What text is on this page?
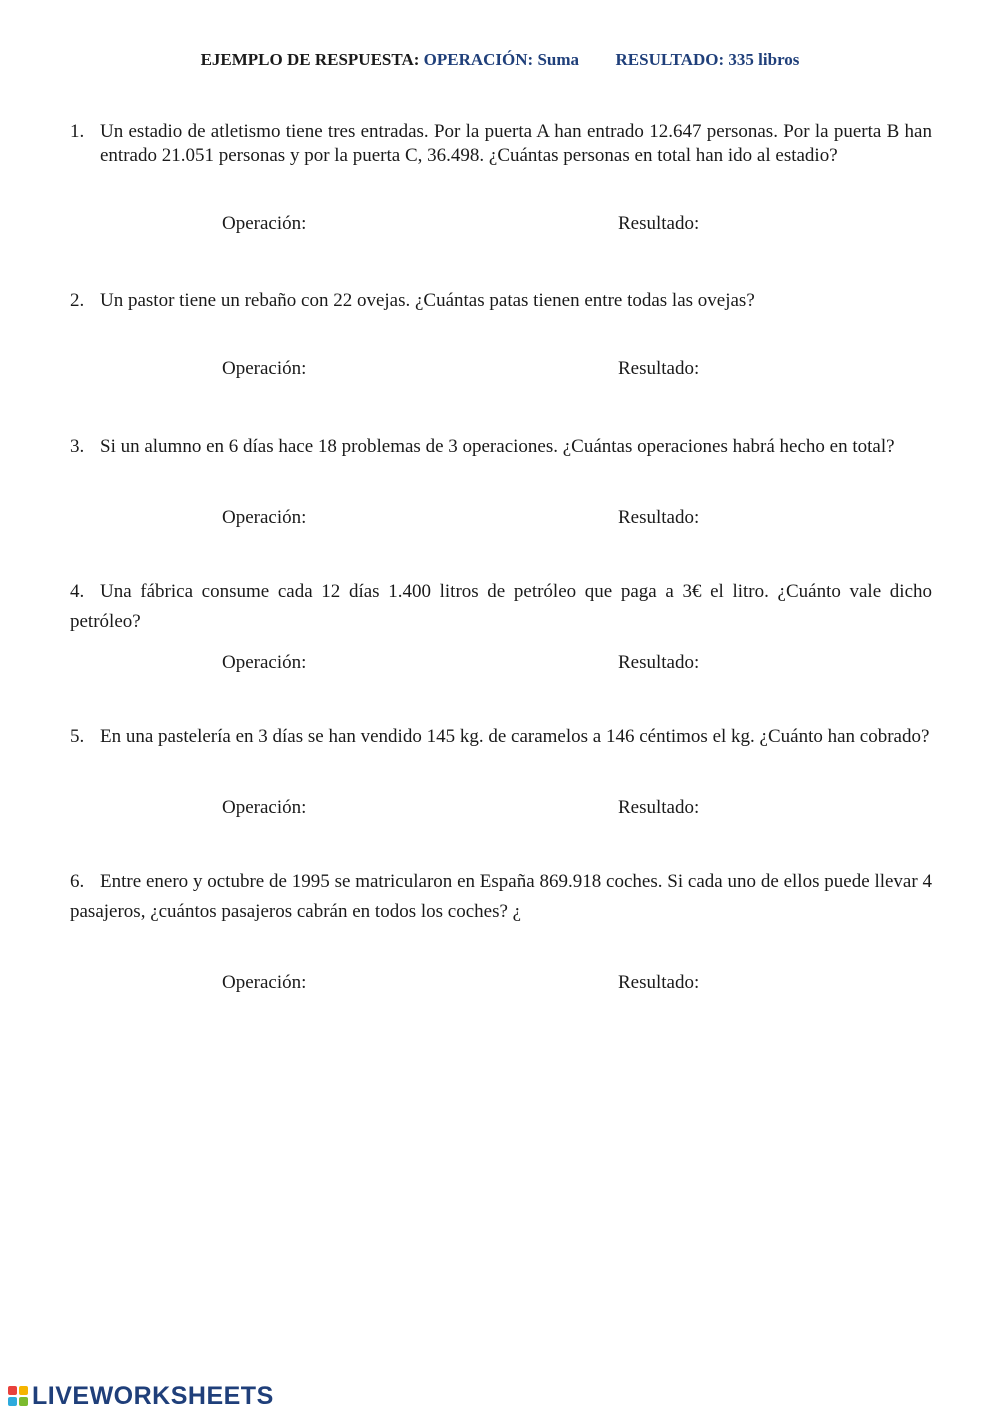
EJEMPLO DE RESPUESTA: OPERACIÓN: Suma RESULTADO: 335 libros
1. Un estadio de atletismo tiene tres entradas. Por la puerta A han entrado 12.647 personas. Por la puerta B han entrado 21.051 personas y por la puerta C, 36.498. ¿Cuántas personas en total han ido al estadio?
Operación:	Resultado:
2. Un pastor tiene un rebaño con 22 ovejas. ¿Cuántas patas tienen entre todas las ovejas?
Operación:	Resultado:
3. Si un alumno en 6 días hace 18 problemas de 3 operaciones. ¿Cuántas operaciones habrá hecho en total?
Operación:	Resultado:
4. Una fábrica consume cada 12 días 1.400 litros de petróleo que paga a 3€ el litro. ¿Cuánto vale dicho petróleo?
Operación:	Resultado:
5. En una pastelería en 3 días se han vendido 145 kg. de caramelos a 146 céntimos el kg. ¿Cuánto han cobrado?
Operación:	Resultado:
6. Entre enero y octubre de 1995 se matricularon en España 869.918 coches. Si cada uno de ellos puede llevar 4 pasajeros, ¿cuántos pasajeros cabrán en todos los coches? ¿
Operación:	Resultado:
LIVEWORKSHEETS
